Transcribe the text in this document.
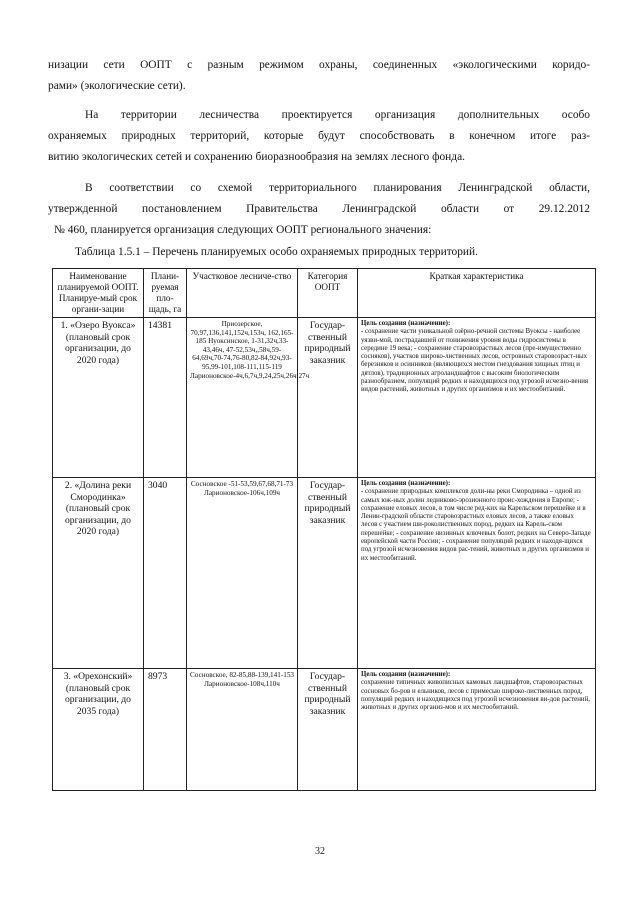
низации сети ООПТ с разным режимом охраны, соединенных «экологическими коридо-
рами» (экологические сети).
На территории лесничества проектируется организация дополнительных особо
охраняемых природных территорий, которые будут способствовать в конечном итоге раз-
витию экологических сетей и сохранению биоразнообразия на землях лесного фонда.
В соответствии со схемой территориального планирования Ленинградской области,
утвержденной постановлением Правительства Ленинградской области от 29.12.2012
№ 460, планируется организация следующих ООПТ регионального значения:
Таблица 1.5.1 – Перечень планируемых особо охраняемых природных территорий.
Наименование планируемой ООПТ. Планируе-мый срок органи-зации	Плани-руемая пло-щадь, га	Участковое лесниче-ство	Категория ООПТ	Краткая характеристика
1. «Озеро Вуокса» (плановый срок организации, до 2020 года)	14381	Приозерское, 70,97,136,141,152ч,153ч, 162,165-185 Нуоксинское, 1-31,32ч,33-43,46ч, 47-52,53ч,,58ч,59-64,69ч,70-74,76-80,82-84,92ч,93-95,99-101,108-111,115-119 Ларионовское-4ч,6,7ч,9,24,25ч,26ч,27ч	Государ-ственный природный заказник	Цель создания (назначение):
- сохранение части уникальной озёрно-речной системы Вуоксы - наиболее уязви-мой, пострадавшей от понижения уровня воды гидросистемы в середине 19 века; - сохранение старовозрастных лесов (пре-имущественно сосняков), участков широко-лиственных лесов, островных старовозраст-ных березняков и осинников (являющихся местом гнездования хищных птиц и дятлов), традиционных агроландшафтов с высоким биологическим разнообразием, популяций редких и находящихся под угрозой исчезно-вения видов растений, животных и других организмов и их местообитаний.

2. «Долина реки Смородинка» (плановый срок организации, до 2020 года)	3040	Сосновское -51-53,59,67,68,71-73 Ларионовское-106ч,109ч	Государ-ственный природный заказник	Цель создания (назначение):
- сохранение природных комплексов доли-ны реки Смородинка – одной из самых юж-ных долин ледниково-эрозионного проис-хождения в Европе; - сохранение еловых лесов, в том числе ред-ких на Карельском перешейке и в Ленин-градской области старовозрастных еловых лесов, а также еловых лесов с участием ши-роколиственных пород, редких на Карель-ском перешейке; - сохранение низинных ключевых болот, редких на Северо-Западе европейской части России; - сохранение популяций редких и находя-щихся под угрозой исчезновения видов рас-тений, животных и других организмов и их местообитаний.

3. «Орехонский» (плановый срок организации, до 2035 года)	8973	Сосновское, 82-85,88-139,141-153 Ларионовское-108ч,110ч	Государ-ственный природный заказник	Цель создания (назначение):
сохранение типичных живописных камовых ландшафтов, старовозрастных сосновых бо-ров и ельников, лесов с примесью широко-лиственных пород, популяций редких и находящихся под угрозой исчезновения ви-дов растений, животных и других организ-мов и их местообитаний.
32
